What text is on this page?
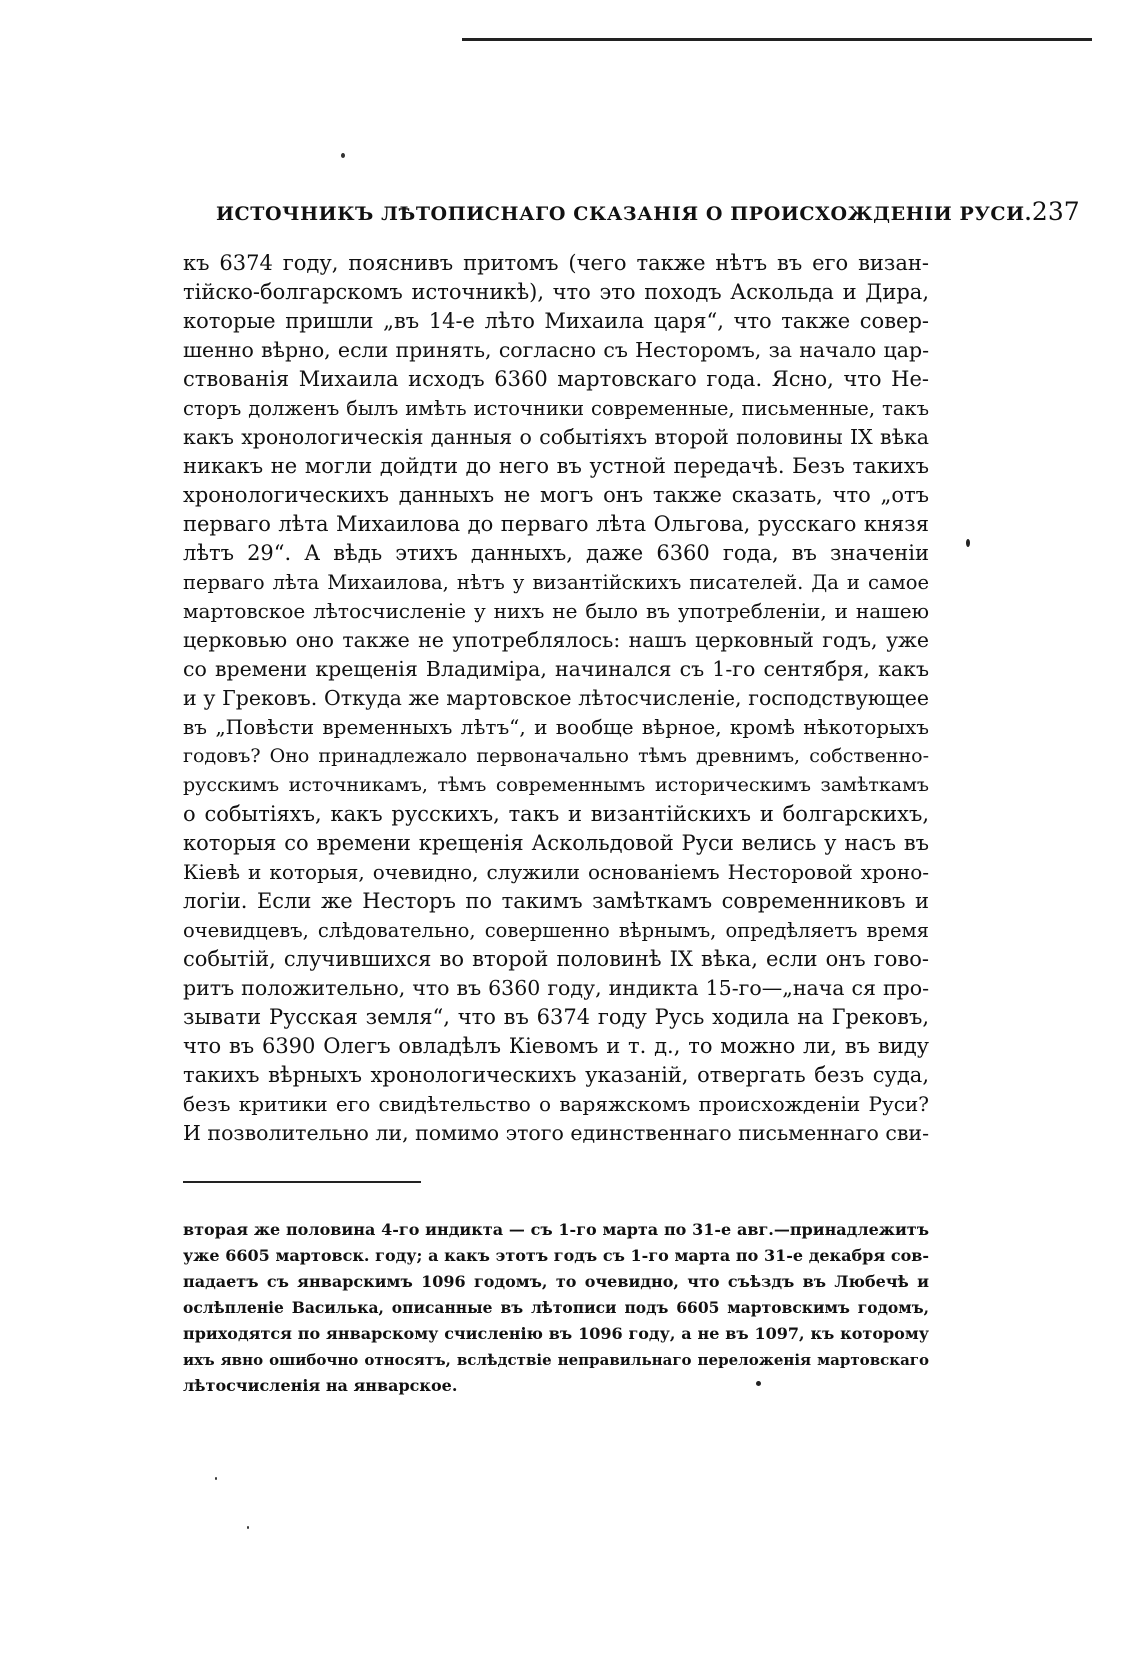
ИСТОЧНИКЪ ЛѢТОПИСНАГО СКАЗАНІЯ О ПРОИСХОЖДЕНІИ РУСИ. 237
къ 6374 году, пояснивъ притомъ (чего также нѣтъ въ его визан-
тійско-болгарскомъ источникѣ), что это походъ Аскольда и Дира,
которые пришли „въ 14-е лѣто Михаила царя“, что также совер-
шенно вѣрно, если принять, согласно съ Несторомъ, за начало цар-
ствованія Михаила исходъ 6360 мартовскаго года. Ясно, что Не-
сторъ долженъ былъ имѣть источники современные, письменные, такъ
какъ хронологическія данныя о событіяхъ второй половины IX вѣка
никакъ не могли дойдти до него въ устной передачѣ. Безъ такихъ
хронологическихъ данныхъ не могъ онъ также сказать, что „отъ
перваго лѣта Михаилова до перваго лѣта Ольгова, русскаго князя
лѣтъ 29“. А вѣдь этихъ данныхъ, даже 6360 года, въ значеніи
перваго лѣта Михаилова, нѣтъ у византійскихъ писателей. Да и самое
мартовское лѣтосчисленіе у нихъ не было въ употребленіи, и нашею
церковью оно также не употреблялось: нашъ церковный годъ, уже
со времени крещенія Владиміра, начинался съ 1-го сентября, какъ
и у Грековъ. Откуда же мартовское лѣтосчисленіе, господствующее
въ „Повѣсти временныхъ лѣтъ“, и вообще вѣрное, кромѣ нѣкоторыхъ
годовъ? Оно принадлежало первоначально тѣмъ древнимъ, собственно-
русскимъ источникамъ, тѣмъ современнымъ историческимъ замѣткамъ
о событіяхъ, какъ русскихъ, такъ и византійскихъ и болгарскихъ,
которыя со времени крещенія Аскольдовой Руси велись у насъ въ
Кіевѣ и которыя, очевидно, служили основаніемъ Несторовой хроно-
логіи. Если же Несторъ по такимъ замѣткамъ современниковъ и
очевидцевъ, слѣдовательно, совершенно вѣрнымъ, опредѣляетъ время
событій, случившихся во второй половинѣ IX вѣка, если онъ гово-
ритъ положительно, что въ 6360 году, индикта 15-го—„нача ся про-
зывати Русская земля“, что въ 6374 году Русь ходила на Грековъ,
что въ 6390 Олегъ овладѣлъ Кіевомъ и т. д., то можно ли, въ виду
такихъ вѣрныхъ хронологическихъ указаній, отвергать безъ суда,
безъ критики его свидѣтельство о варяжскомъ происхожденіи Руси?
И позволительно ли, помимо этого единственнаго письменнаго сви-
вторая же половина 4-го индикта — съ 1-го марта по 31-е авг.—принадлежитъ
уже 6605 мартовск. году; а какъ этотъ годъ съ 1-го марта по 31-е декабря сов-
падаетъ съ январскимъ 1096 годомъ, то очевидно, что съѣздъ въ Любечѣ и
ослѣпленіе Василька, описанные въ лѣтописи подъ 6605 мартовскимъ годомъ,
приходятся по январскому счисленію въ 1096 году, а не въ 1097, къ которому
ихъ явно ошибочно относятъ, вслѣдствіе неправильнаго переложенія мартовскаго
лѣтосчисленія на январское.
